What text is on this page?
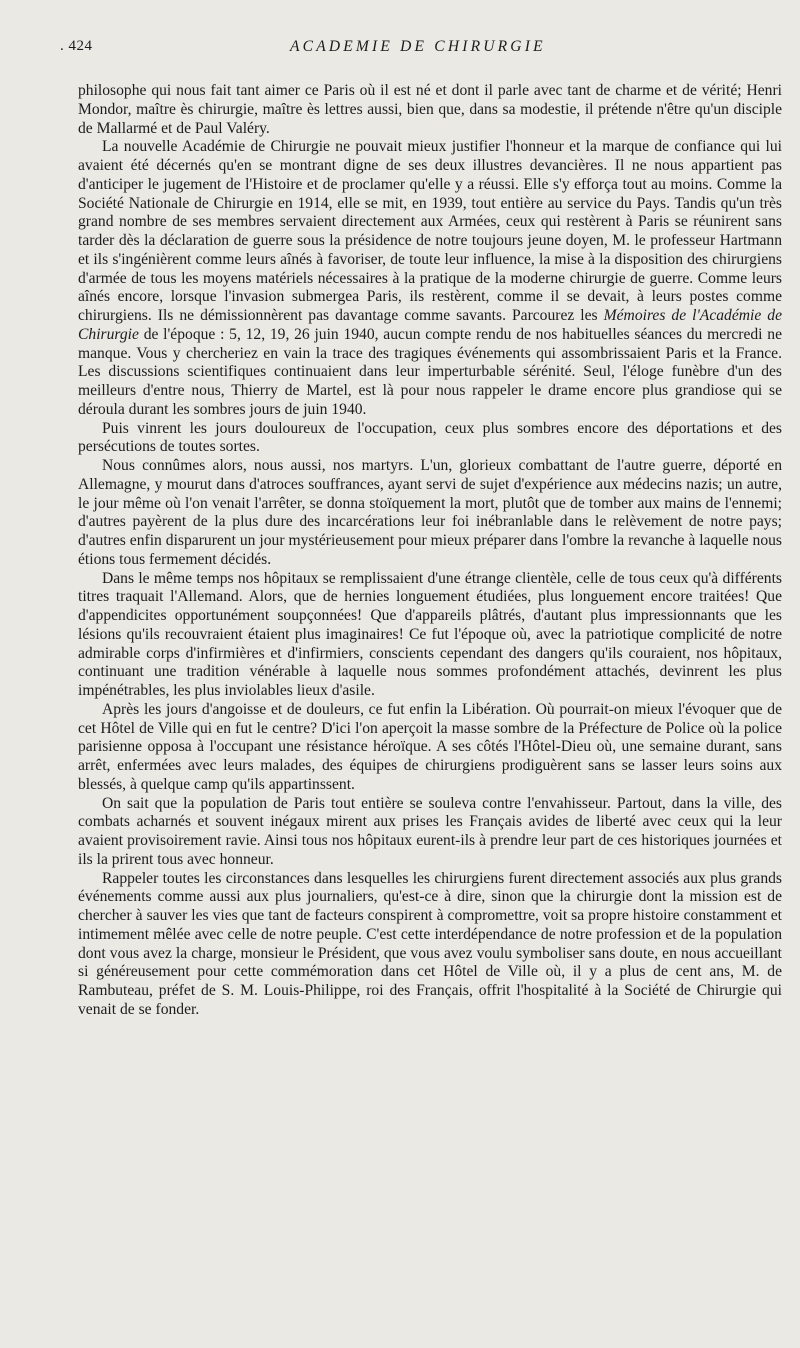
. 424	ACADEMIE DE CHIRURGIE

philosophe qui nous fait tant aimer ce Paris où il est né et dont il parle avec tant de charme et de vérité; Henri Mondor, maître ès chirurgie, maître ès lettres aussi, bien que, dans sa modestie, il prétende n'être qu'un disciple de Mallarmé et de Paul Valéry.

La nouvelle Académie de Chirurgie ne pouvait mieux justifier l'honneur et la marque de confiance qui lui avaient été décernés qu'en se montrant digne de ses deux illustres devancières. Il ne nous appartient pas d'anticiper le jugement de l'Histoire et de proclamer qu'elle y a réussi. Elle s'y efforça tout au moins. Comme la Société Nationale de Chirurgie en 1914, elle se mit, en 1939, tout entière au service du Pays. Tandis qu'un très grand nombre de ses membres servaient directement aux Armées, ceux qui restèrent à Paris se réunirent sans tarder dès la déclaration de guerre sous la présidence de notre toujours jeune doyen, M. le professeur Hartmann et ils s'ingénièrent comme leurs aînés à favoriser, de toute leur influence, la mise à la disposition des chirurgiens d'armée de tous les moyens matériels nécessaires à la pratique de la moderne chirurgie de guerre. Comme leurs aînés encore, lorsque l'invasion submergea Paris, ils restèrent, comme il se devait, à leurs postes comme chirurgiens. Ils ne démissionnèrent pas davantage comme savants. Parcourez les Mémoires de l'Académie de Chirurgie de l'époque : 5, 12, 19, 26 juin 1940, aucun compte rendu de nos habituelles séances du mercredi ne manque. Vous y chercheriez en vain la trace des tragiques événements qui assombrissaient Paris et la France. Les discussions scientifiques continuaient dans leur imperturbable sérénité. Seul, l'éloge funèbre d'un des meilleurs d'entre nous, Thierry de Martel, est là pour nous rappeler le drame encore plus grandiose qui se déroula durant les sombres jours de juin 1940.

Puis vinrent les jours douloureux de l'occupation, ceux plus sombres encore des déportations et des persécutions de toutes sortes.

Nous connûmes alors, nous aussi, nos martyrs. L'un, glorieux combattant de l'autre guerre, déporté en Allemagne, y mourut dans d'atroces souffrances, ayant servi de sujet d'expérience aux médecins nazis; un autre, le jour même où l'on venait l'arrêter, se donna stoïquement la mort, plutôt que de tomber aux mains de l'ennemi; d'autres payèrent de la plus dure des incarcérations leur foi inébranlable dans le relèvement de notre pays; d'autres enfin disparurent un jour mystérieusement pour mieux préparer dans l'ombre la revanche à laquelle nous étions tous fermement décidés.

Dans le même temps nos hôpitaux se remplissaient d'une étrange clientèle, celle de tous ceux qu'à différents titres traquait l'Allemand. Alors, que de hernies longuement étudiées, plus longuement encore traitées! Que d'appendicites opportunément soupçonnées! Que d'appareils plâtrés, d'autant plus impressionnants que les lésions qu'ils recouvraient étaient plus imaginaires! Ce fut l'époque où, avec la patriotique complicité de notre admirable corps d'infirmières et d'infirmiers, conscients cependant des dangers qu'ils couraient, nos hôpitaux, continuant une tradition vénérable à laquelle nous sommes profondément attachés, devinrent les plus impénétrables, les plus inviolables lieux d'asile.

Après les jours d'angoisse et de douleurs, ce fut enfin la Libération. Où pourrait-on mieux l'évoquer que de cet Hôtel de Ville qui en fut le centre? D'ici l'on aperçoit la masse sombre de la Préfecture de Police où la police parisienne opposa à l'occupant une résistance héroïque. A ses côtés l'Hôtel-Dieu où, une semaine durant, sans arrêt, enfermées avec leurs malades, des équipes de chirurgiens prodiguèrent sans se lasser leurs soins aux blessés, à quelque camp qu'ils appartinssent.

On sait que la population de Paris tout entière se souleva contre l'envahisseur. Partout, dans la ville, des combats acharnés et souvent inégaux mirent aux prises les Français avides de liberté avec ceux qui la leur avaient provisoirement ravie. Ainsi tous nos hôpitaux eurent-ils à prendre leur part de ces historiques journées et ils la prirent tous avec honneur.

Rappeler toutes les circonstances dans lesquelles les chirurgiens furent directement associés aux plus grands événements comme aussi aux plus journaliers, qu'est-ce à dire, sinon que la chirurgie dont la mission est de chercher à sauver les vies que tant de facteurs conspirent à compromettre, voit sa propre histoire constamment et intimement mêlée avec celle de notre peuple. C'est cette interdépendance de notre profession et de la population dont vous avez la charge, monsieur le Président, que vous avez voulu symboliser sans doute, en nous accueillant si généreusement pour cette commémoration dans cet Hôtel de Ville où, il y a plus de cent ans, M. de Rambuteau, préfet de S. M. Louis-Philippe, roi des Français, offrit l'hospitalité à la Société de Chirurgie qui venait de se fonder.
